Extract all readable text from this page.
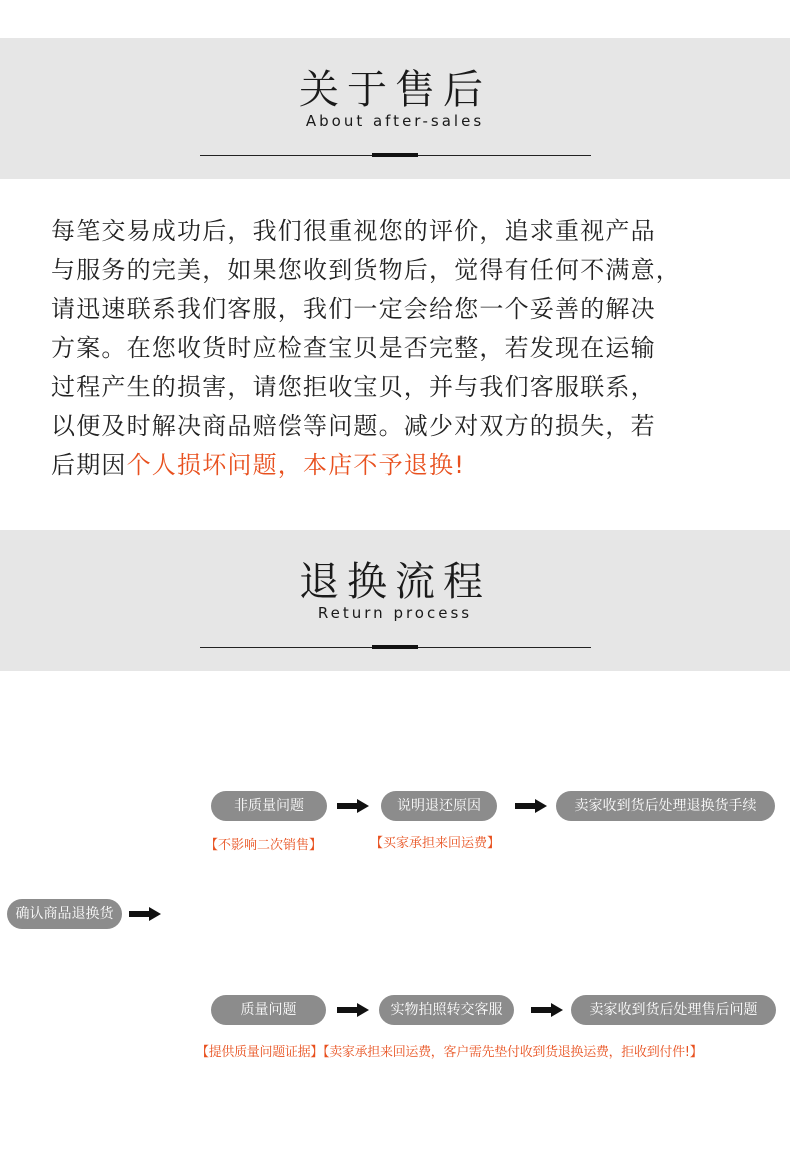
关于售后
About after-sales

每笔交易成功后，我们很重视您的评价，追求重视产品
与服务的完美，如果您收到货物后，觉得有任何不满意，
请迅速联系我们客服，我们一定会给您一个妥善的解决
方案。在您收货时应检查宝贝是否完整，若发现在运输
过程产生的损害，请您拒收宝贝，并与我们客服联系，
以便及时解决商品赔偿等问题。减少对双方的损失，若
后期因个人损坏问题，本店不予退换!

退换流程
Return process
确认商品退换货
非质量问题	说明退还原因	卖家收到货后处理退换货手续
【不影响二次销售】	【买家承担来回运费】
质量问题	实物拍照转交客服	卖家收到货后处理售后问题
【提供质量问题证据】【卖家承担来回运费，客户需先垫付收到货退换运费，拒收到付件!】
